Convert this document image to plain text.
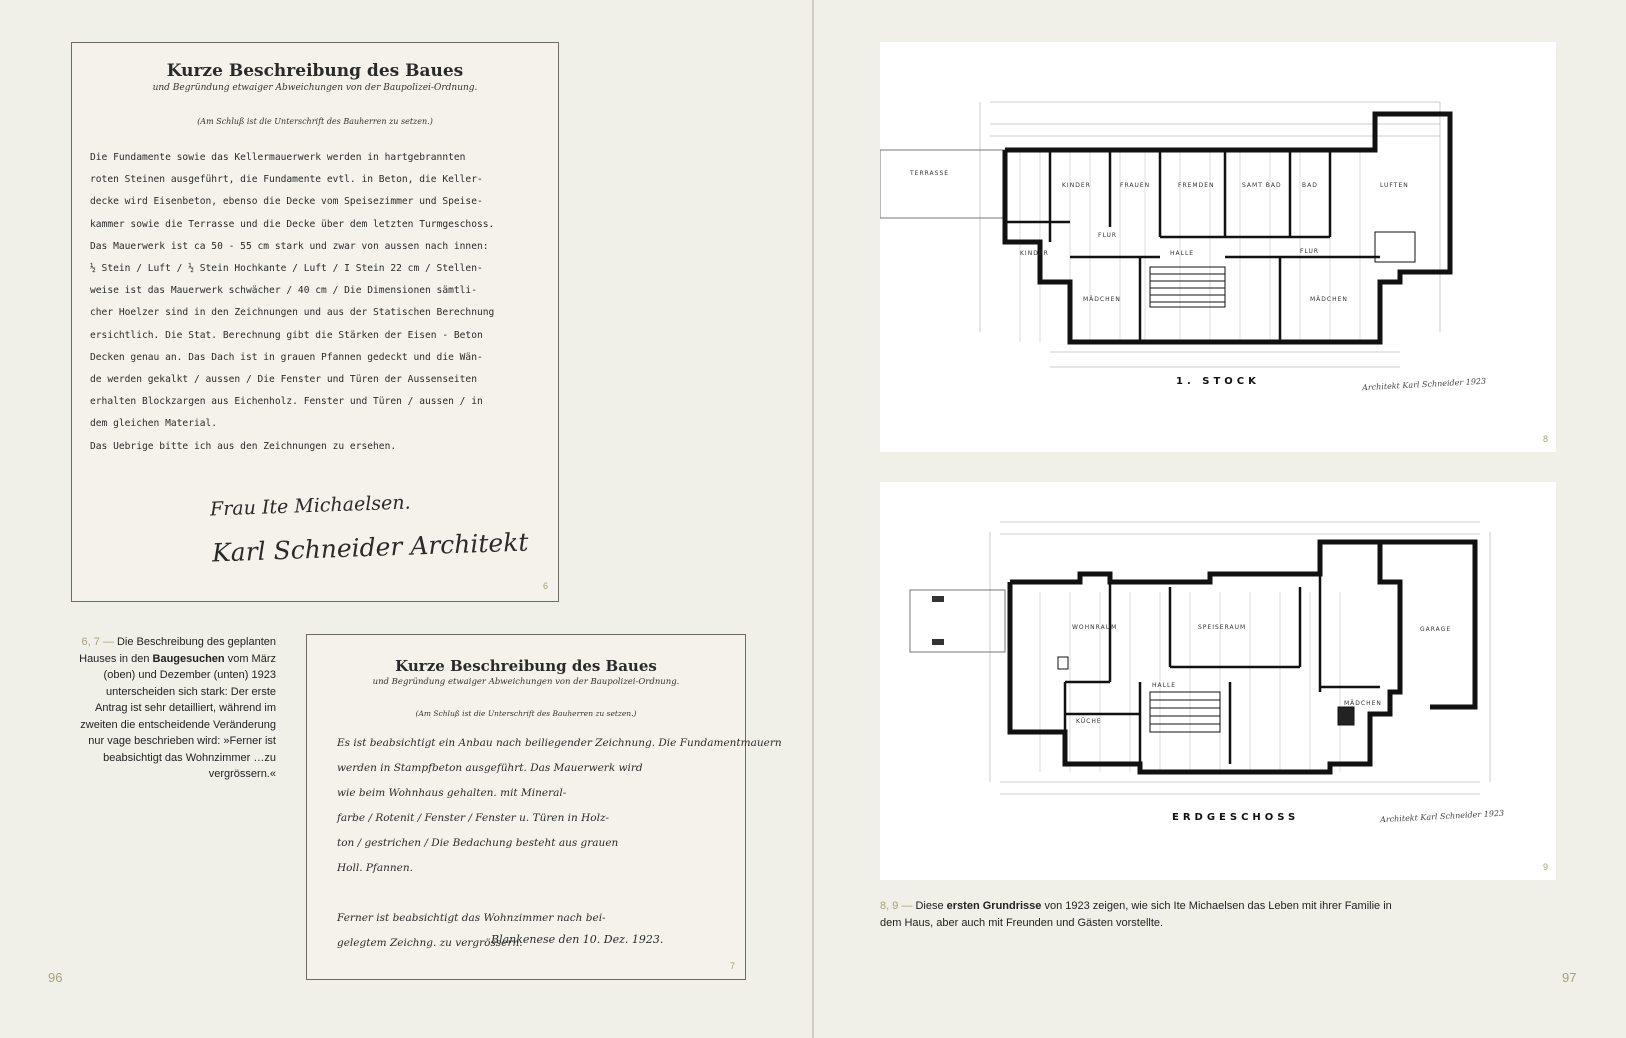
Kurze Beschreibung des Baues
und Begründung etwaiger Abweichungen von der Baupolizei-Ordnung.
(Am Schluß ist die Unterschrift des Bauherren zu setzen.)
Die Fundamente sowie das Kellermauerwerk werden in hartgebrannten
roten Steinen ausgeführt, die Fundamente evtl. in Beton, die Keller-
decke wird Eisenbeton, ebenso die Decke vom Speisezimmer und Speise-
kammer sowie die Terrasse und die Decke über dem letzten Turmgeschoss.
Das Mauerwerk ist ca 50 - 55 cm stark und zwar von aussen nach innen:
½ Stein / Luft / ½ Stein Hochkante / Luft / I Stein 22 cm / Stellen-
weise ist das Mauerwerk schwächer / 40 cm / Die Dimensionen sämtli-
cher Hoelzer sind in den Zeichnungen und aus der Statischen Berechnung
ersichtlich. Die Stat. Berechnung gibt die Stärken der Eisen - Beton
Decken genau an. Das Dach ist in grauen Pfannen gedeckt und die Wän-
de werden gekalkt / aussen / Die Fenster und Türen der Aussenseiten
erhalten Blockzargen aus Eichenholz. Fenster und Türen / aussen / in
dem gleichen Material.
Das Uebrige bitte ich aus den Zeichnungen zu ersehen.
Frau Ite Michaelsen.
Karl Schneider Architekt
6
6, 7 — Die Beschreibung des geplanten Hauses in den Baugesuchen vom März (oben) und Dezember (unten) 1923 unterscheiden sich stark: Der erste Antrag ist sehr detailliert, während im zweiten die entscheidende Veränderung nur vage beschrieben wird: »Ferner ist beabsichtigt das Wohnzimmer …zu vergrössern.«
Kurze Beschreibung des Baues
und Begründung etwaiger Abweichungen von der Baupolizei-Ordnung.
(Am Schluß ist die Unterschrift des Bauherren zu setzen.)
Es ist beabsichtigt ein Anbau nach beiliegender Zeichnung. Die Fundamentmauern
werden in Stampfbeton ausgeführt. Das Mauerwerk wird
wie beim Wohnhaus gehalten. mit Mineral-
farbe / Rotenit / Fenster / Fenster u. Türen in Holz-
ton / gestrichen / Die Bedachung besteht aus grauen
Holl. Pfannen.

Ferner ist beabsichtigt das Wohnzimmer nach bei-
gelegtem Zeichng. zu vergrössern.
Blankenese den 10. Dez. 1923.
7
96
TERRASSE
KINDER	FRAUEN	FREMDEN	SAMT BAD	BAD	LUFTEN
KINDER
FLUR
HALLE	FLUR
MÄDCHEN	MÄDCHEN
1. STOCK	Architekt Karl Schneider 1923
8
WOHNRAUM	SPEISERAUM	GARAGE
HALLE
KÜCHE
MÄDCHEN
ERDGESCHOSS	Architekt Karl Schneider 1923
9
8, 9 — Diese ersten Grundrisse von 1923 zeigen, wie sich Ite Michaelsen das Leben mit ihrer Familie in dem Haus, aber auch mit Freunden und Gästen vorstellte.
97
